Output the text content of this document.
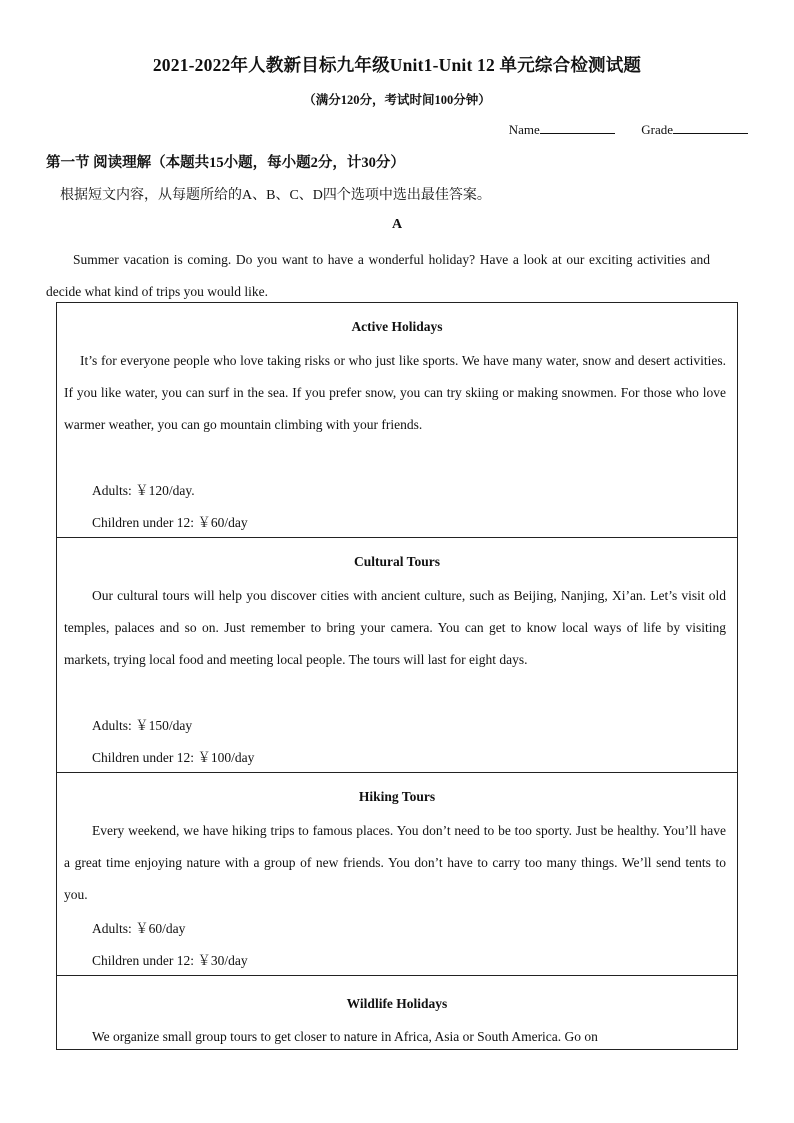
2021-2022年人教新目标九年级Unit1-Unit 12 单元综合检测试题
（满分120分，考试时间100分钟）
Name	Grade
第一节 阅读理解（本题共15小题，每小题2分，计30分）
根据短文内容，从每题所给的A、B、C、D四个选项中选出最佳答案。
A
Summer vacation is coming. Do you want to have a wonderful holiday? Have a look at our exciting activities and decide what kind of trips you would like.
Active Holidays
It’s for everyone people who love taking risks or who just like sports. We have many water, snow and desert activities. If you like water, you can surf in the sea. If you prefer snow, you can try skiing or making snowmen. For those who love warmer weather, you can go mountain climbing with your friends.
Adults: ￥120/day.
Children under 12: ￥60/day
Cultural Tours
Our cultural tours will help you discover cities with ancient culture, such as Beijing, Nanjing, Xi’an. Let’s visit old temples, palaces and so on. Just remember to bring your camera. You can get to know local ways of life by visiting markets, trying local food and meeting local people. The tours will last for eight days.
Adults: ￥150/day
Children under 12: ￥100/day
Hiking Tours
Every weekend, we have hiking trips to famous places. You don’t need to be too sporty. Just be healthy. You’ll have a great time enjoying nature with a group of new friends. You don’t have to carry too many things. We’ll send tents to you.
Adults: ￥60/day
Children under 12: ￥30/day
Wildlife Holidays
We organize small group tours to get closer to nature in Africa, Asia or South America. Go on
